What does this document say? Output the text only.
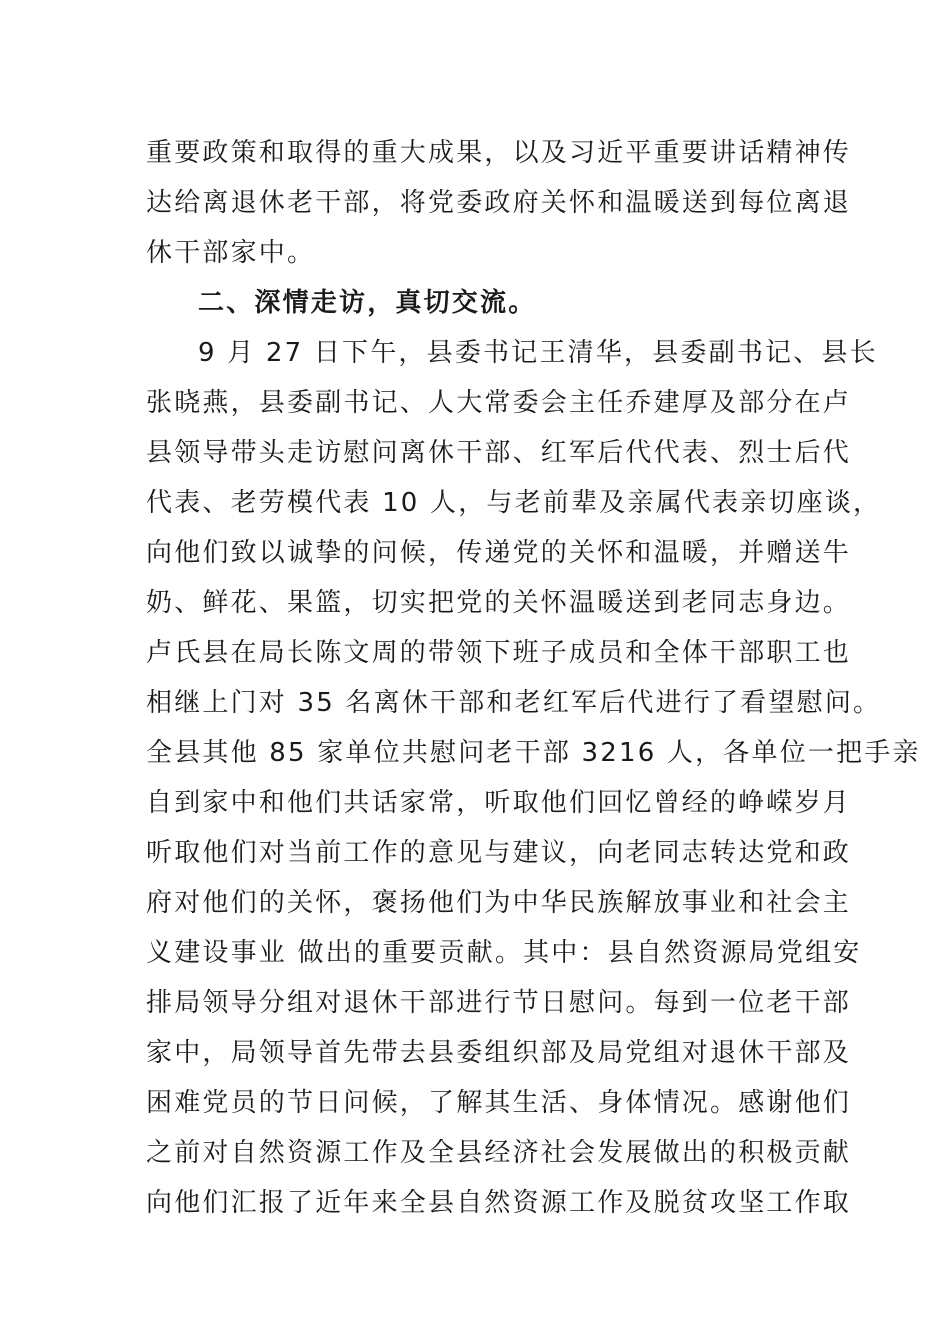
重要政策和取得的重大成果，以及习近平重要讲话精神传
达给离退休老干部，将党委政府关怀和温暖送到每位离退
休干部家中。
二、深情走访，真切交流。
9 月 27 日下午，县委书记王清华，县委副书记、县长
张晓燕，县委副书记、人大常委会主任乔建厚及部分在卢
县领导带头走访慰问离休干部、红军后代代表、烈士后代
代表、老劳模代表 10 人，与老前辈及亲属代表亲切座谈，
向他们致以诚挚的问候，传递党的关怀和温暖，并赠送牛
奶、鲜花、果篮，切实把党的关怀温暖送到老同志身边。
卢氏县在局长陈文周的带领下班子成员和全体干部职工也
相继上门对 35 名离休干部和老红军后代进行了看望慰问。
全县其他 85 家单位共慰问老干部 3216 人，各单位一把手亲
自到家中和他们共话家常，听取他们回忆曾经的峥嵘岁月
听取他们对当前工作的意见与建议，向老同志转达党和政
府对他们的关怀，褒扬他们为中华民族解放事业和社会主
义建设事业 做出的重要贡献。其中：县自然资源局党组安
排局领导分组对退休干部进行节日慰问。每到一位老干部
家中，局领导首先带去县委组织部及局党组对退休干部及
困难党员的节日问候，了解其生活、身体情况。感谢他们
之前对自然资源工作及全县经济社会发展做出的积极贡献
向他们汇报了近年来全县自然资源工作及脱贫攻坚工作取
